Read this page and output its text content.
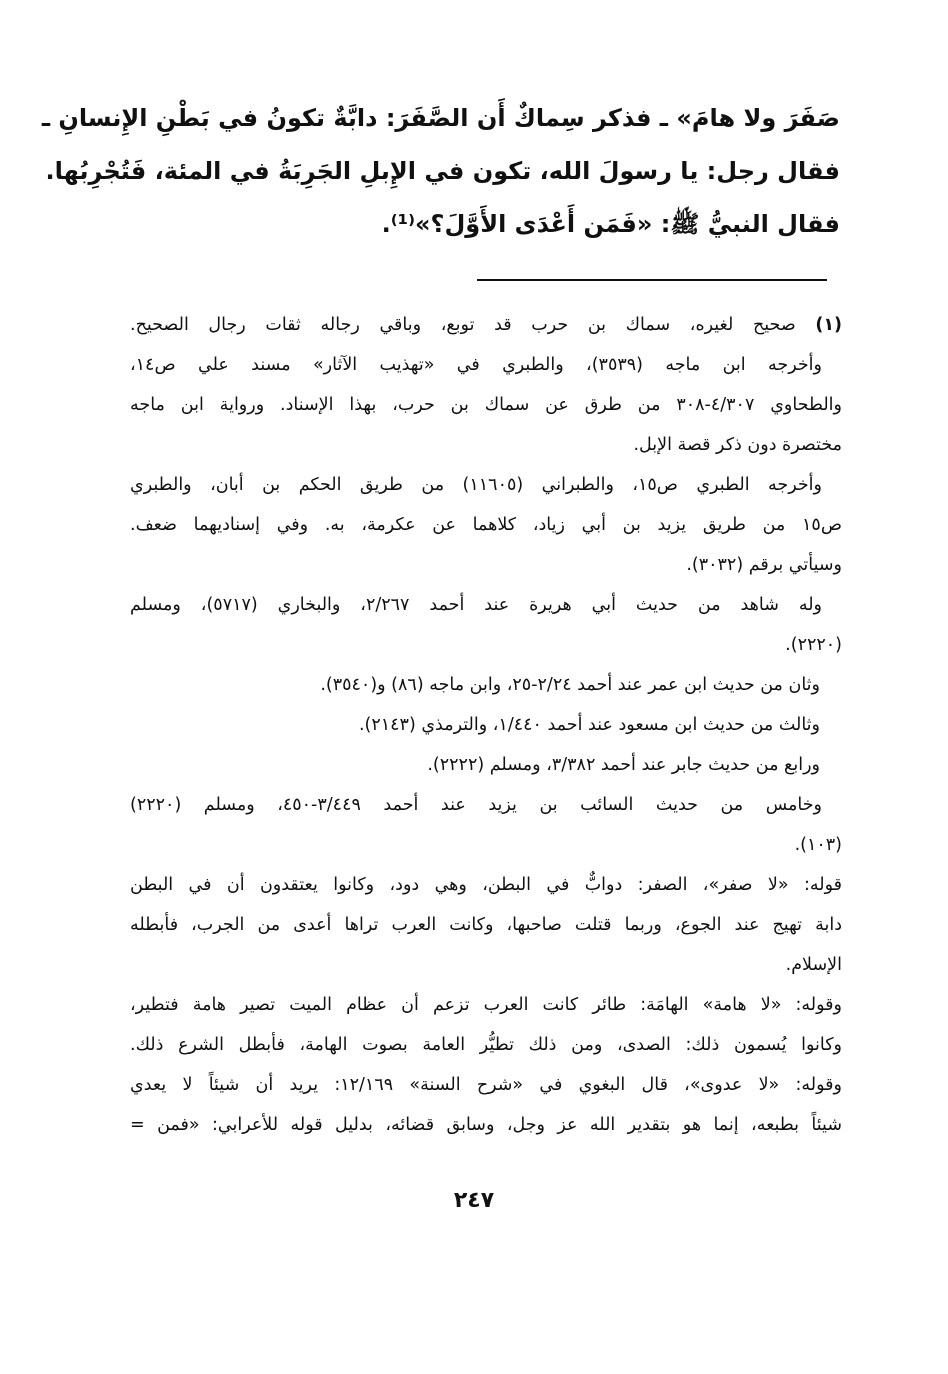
صَفَرَ ولا هامَ» ـ فذكر سِماكٌ أَن الصَّفَرَ: دابَّةٌ تكونُ في بَطْنِ الإِنسانِ ـ
فقال رجل: يا رسولَ الله، تكون في الإِبلِ الجَرِبَةُ في المئة، فَتُجْرِبُها.
فقال النبيُّ ﷺ: «فَمَن أَعْدَى الأَوَّلَ؟»⁽¹⁾.
(١) صحيح لغيره، سماك بن حرب قد توبع، وباقي رجاله ثقات رجال الصحيح.
وأخرجه ابن ماجه (٣٥٣٩)، والطبري في «تهذيب الآثار» مسند علي ص١٤،
والطحاوي ٤/٣٠٧-٣٠٨ من طرق عن سماك بن حرب، بهذا الإسناد. ورواية ابن ماجه
مختصرة دون ذكر قصة الإبل.
وأخرجه الطبري ص١٥، والطبراني (١١٦٠٥) من طريق الحكم بن أبان، والطبري
ص١٥ من طريق يزيد بن أبي زياد، كلاهما عن عكرمة، به. وفي إسناديهما ضعف.
وسيأتي برقم (٣٠٣٢).
وله شاهد من حديث أبي هريرة عند أحمد ٢/٢٦٧، والبخاري (٥٧١٧)، ومسلم
(٢٢٢٠).
وثان من حديث ابن عمر عند أحمد ٢/٢٤-٢٥، وابن ماجه (٨٦) و(٣٥٤٠).
وثالث من حديث ابن مسعود عند أحمد ١/٤٤٠، والترمذي (٢١٤٣).
ورابع من حديث جابر عند أحمد ٣/٣٨٢، ومسلم (٢٢٢٢).
وخامس من حديث السائب بن يزيد عند أحمد ٣/٤٤٩-٤٥٠، ومسلم (٢٢٢٠)
(١٠٣).
قوله: «لا صفر»، الصفر: دوابٌّ في البطن، وهي دود، وكانوا يعتقدون أن في البطن
دابة تهيج عند الجوع، وربما قتلت صاحبها، وكانت العرب تراها أعدى من الجرب، فأبطله
الإسلام.
وقوله: «لا هامة» الهامَة: طائر كانت العرب تزعم أن عظام الميت تصير هامة فتطير،
وكانوا يُسمون ذلك: الصدى، ومن ذلك تطيُّر العامة بصوت الهامة، فأبطل الشرع ذلك.
وقوله: «لا عدوى»، قال البغوي في «شرح السنة» ١٢/١٦٩: يريد أن شيئاً لا يعدي
شيئاً بطبعه، إنما هو بتقدير الله عز وجل، وسابق قضائه، بدليل قوله للأعرابي: «فمن =
٢٤٧
